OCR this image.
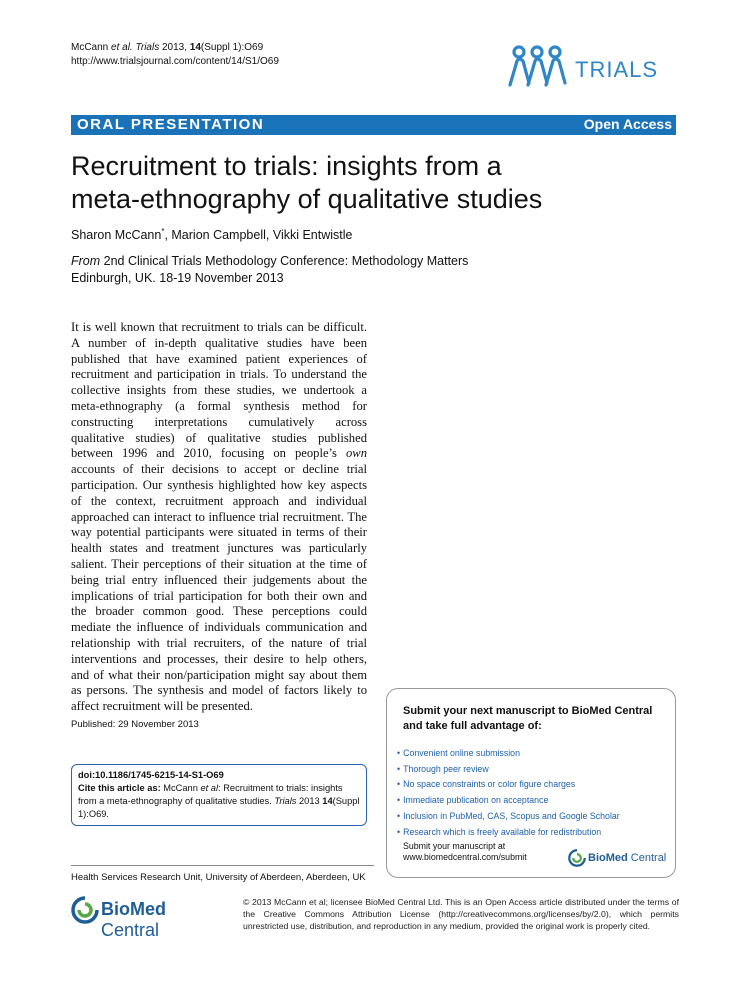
McCann et al. Trials 2013, 14(Suppl 1):O69
http://www.trialsjournal.com/content/14/S1/O69	TRIALS
ORAL PRESENTATION	Open Access
Recruitment to trials: insights from a
meta-ethnography of qualitative studies
Sharon McCann*, Marion Campbell, Vikki Entwistle
From 2nd Clinical Trials Methodology Conference: Methodology Matters
Edinburgh, UK. 18-19 November 2013
It is well known that recruitment to trials can be difficult. A number of in-depth qualitative studies have been published that have examined patient experiences of recruitment and participation in trials. To understand the collective insights from these studies, we undertook a meta-ethnography (a formal synthesis method for constructing interpretations cumulatively across qualitative studies) of qualitative studies published between 1996 and 2010, focusing on people’s own accounts of their decisions to accept or decline trial participation. Our synthesis highlighted how key aspects of the context, recruitment approach and individual approached can interact to influence trial recruitment. The way potential participants were situated in terms of their health states and treatment junctures was particularly salient. Their perceptions of their situation at the time of being trial entry influenced their judgements about the implications of trial participation for both their own and the broader common good. These perceptions could mediate the influence of individuals communication and relationship with trial recruiters, of the nature of trial interventions and processes, their desire to help others, and of what their non/participation might say about them as persons. The synthesis and model of factors likely to affect recruitment will be presented.
Published: 29 November 2013
doi:10.1186/1745-6215-14-S1-O69
Cite this article as: McCann et al: Recruitment to trials: insights from a meta-ethnography of qualitative studies. Trials 2013 14(Suppl 1):O69.
Health Services Research Unit, University of Aberdeen, Aberdeen, UK
BioMed Central
© 2013 McCann et al; licensee BioMed Central Ltd. This is an Open Access article distributed under the terms of the Creative Commons Attribution License (http://creativecommons.org/licenses/by/2.0), which permits unrestricted use, distribution, and reproduction in any medium, provided the original work is properly cited.
Submit your next manuscript to BioMed Central and take full advantage of:
• Convenient online submission
• Thorough peer review
• No space constraints or color figure charges
• Immediate publication on acceptance
• Inclusion in PubMed, CAS, Scopus and Google Scholar
• Research which is freely available for redistribution
Submit your manuscript at
www.biomedcentral.com/submit	BioMed Central
